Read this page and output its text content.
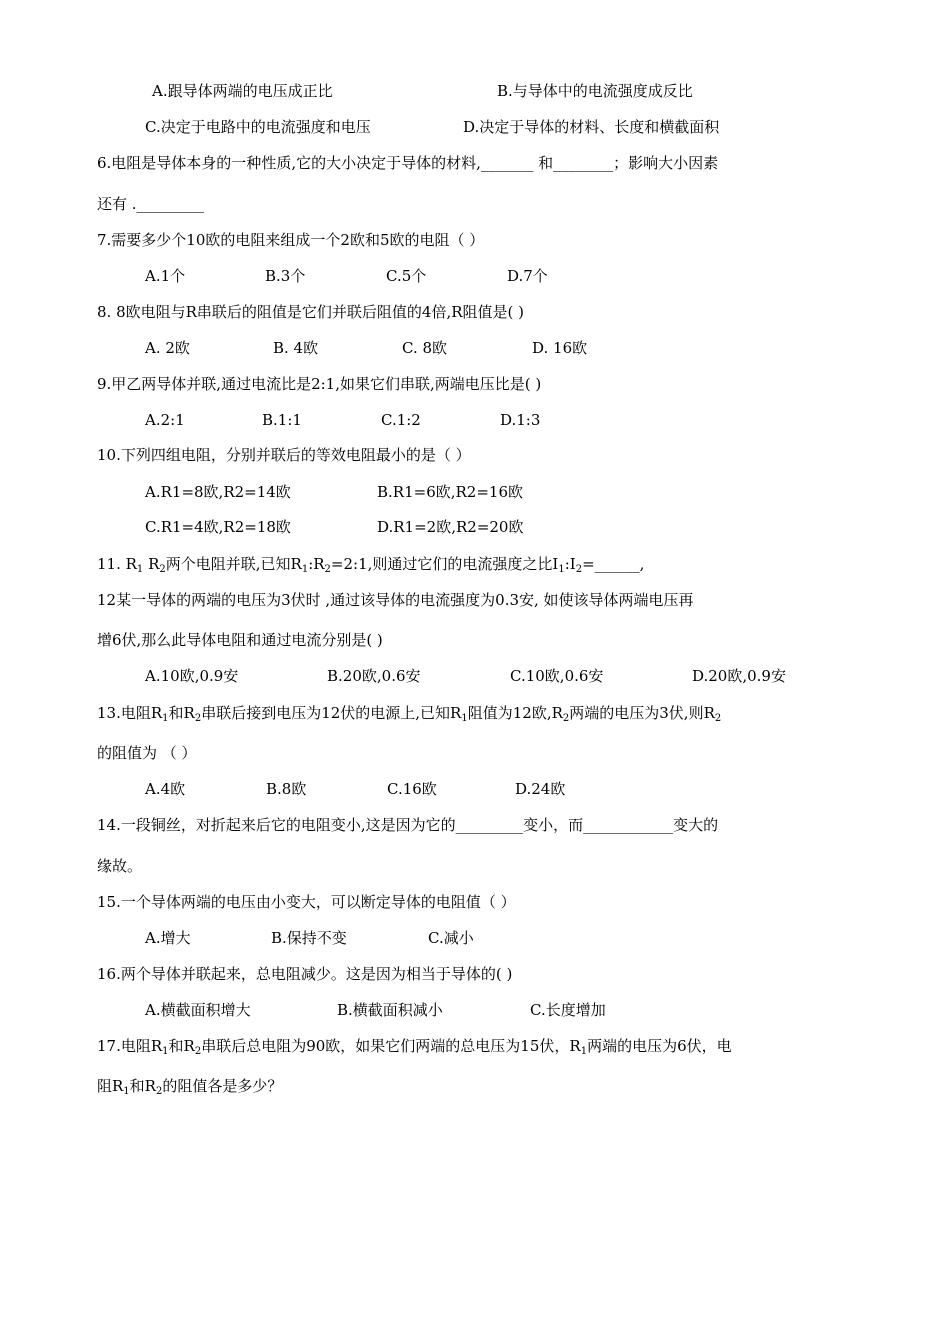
A.跟导体两端的电压成正比	B.与导体中的电流强度成反比
C.决定于电路中的电流强度和电压	D.决定于导体的材料、长度和横截面积
6.电阻是导体本身的一种性质,它的大小决定于导体的材料,_______ 和________；影响大小因素
还有 ._________
7.需要多少个10欧的电阻来组成一个2欧和5欧的电阻（ ）
A.1个	B.3个	C.5个	D.7个
8. 8欧电阻与R串联后的阻值是它们并联后阻值的4倍,R阻值是( )
A. 2欧	B. 4欧	C. 8欧	D. 16欧
9.甲乙两导体并联,通过电流比是2:1,如果它们串联,两端电压比是( )
A.2:1	B.1:1	C.1:2	D.1:3
10.下列四组电阻，分别并联后的等效电阻最小的是（ ）
A.R1=8欧,R2=14欧	B.R1=6欧,R2=16欧
C.R1=4欧,R2=18欧	D.R1=2欧,R2=20欧
11. $R_1$ $R_2$两个电阻并联,已知$R_1:R_2=2:1$,则通过它们的电流强度之比$I_1:I_2=\_\_\_\_\_\_$,
12某一导体的两端的电压为3伏时 ,通过该导体的电流强度为0.3安, 如使该导体两端电压再
增6伏,那么此导体电阻和通过电流分别是( )
A.10欧,0.9安	B.20欧,0.6安	C.10欧,0.6安	D.20欧,0.9安
13.电阻$R_1$和$R_2$串联后接到电压为12伏的电源上,已知$R_1$阻值为12欧$,R_2$两端的电压为3伏,则$R_2$
的阻值为 （ ）
A.4欧	B.8欧	C.16欧	D.24欧
14.一段铜丝，对折起来后它的电阻变小,这是因为它的_________变小，而____________变大的
缘故。
15.一个导体两端的电压由小变大，可以断定导体的电阻值（ ）
A.增大	B.保持不变	C.减小
16.两个导体并联起来，总电阻减少。这是因为相当于导体的( )
A.横截面积增大	B.横截面积减小	C.长度增加
17.电阻$R_1$和$R_2$串联后总电阻为90欧，如果它们两端的总电压为15伏，$R_1$两端的电压为6伏，电
阻$R_1$和$R_2$的阻值各是多少？
